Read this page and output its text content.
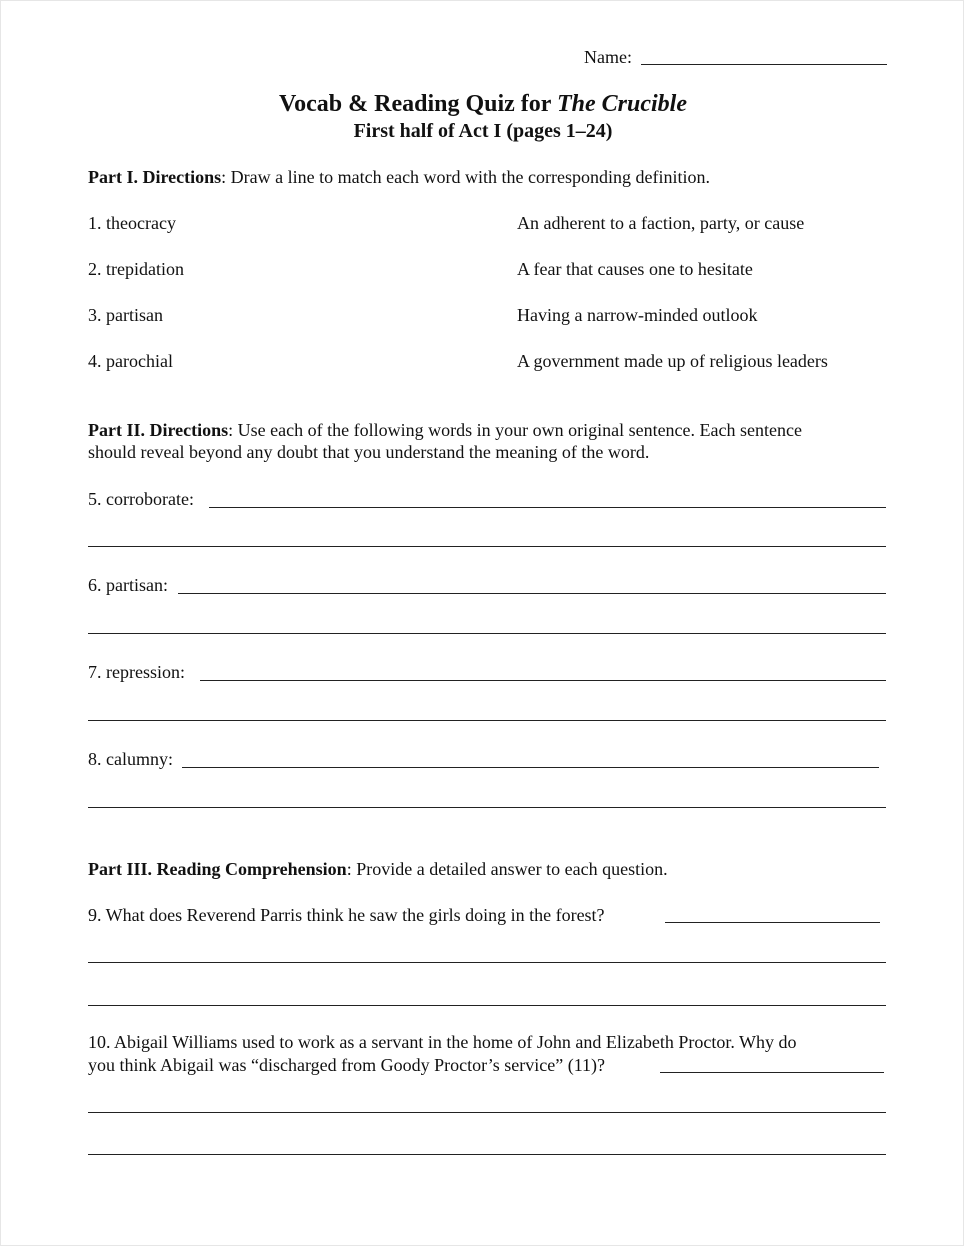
Name:
Vocab & Reading Quiz for The Crucible
First half of Act I (pages 1–24)
Part I. Directions: Draw a line to match each word with the corresponding definition.
1. theocracy
2. trepidation
3. partisan
4. parochial
An adherent to a faction, party, or cause
A fear that causes one to hesitate
Having a narrow-minded outlook
A government made up of religious leaders
Part II. Directions: Use each of the following words in your own original sentence. Each sentence
should reveal beyond any doubt that you understand the meaning of the word.
5. corroborate:
6. partisan:
7. repression:
8. calumny:
Part III. Reading Comprehension: Provide a detailed answer to each question.
9. What does Reverend Parris think he saw the girls doing in the forest?
10. Abigail Williams used to work as a servant in the home of John and Elizabeth Proctor. Why do
you think Abigail was “discharged from Goody Proctor’s service” (11)?
